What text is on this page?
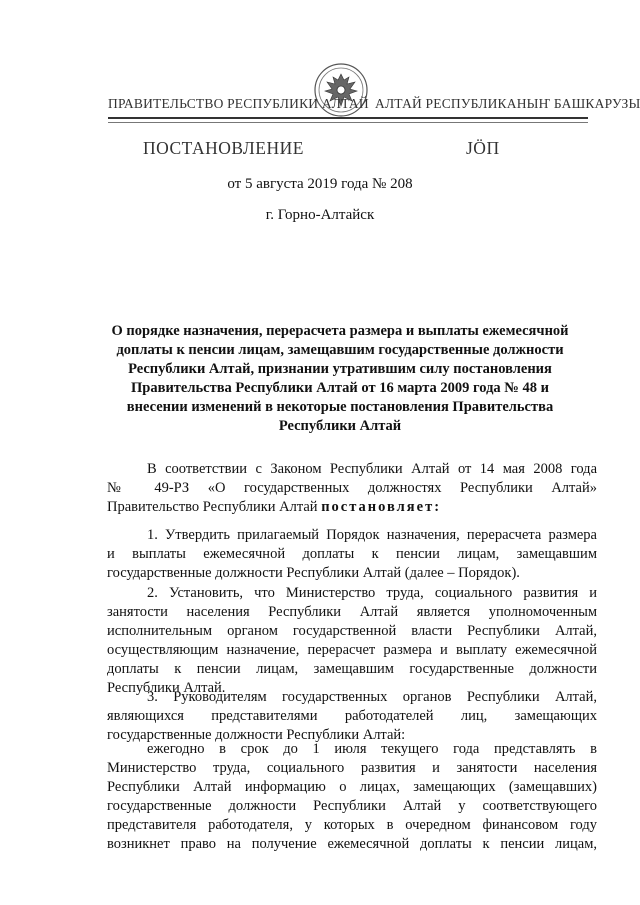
ПРАВИТЕЛЬСТВО РЕСПУБЛИКИ АЛТАЙ АЛТАЙ РЕСПУБЛИКАНЫҤ БАШКАРУЗЫ
ПОСТАНОВЛЕНИЕ	ЈӦП
от 5 августа 2019 года № 208
г. Горно-Алтайск
О порядке назначения, перерасчета размера и выплаты ежемесячной
доплаты к пенсии лицам, замещавшим государственные должности
Республики Алтай, признании утратившим силу постановления
Правительства Республики Алтай от 16 марта 2009 года № 48 и
внесении изменений в некоторые постановления Правительства
Республики Алтай
В соответствии с Законом Республики Алтай от 14 мая 2008 года
№ 49-РЗ «О государственных должностях Республики Алтай»
Правительство Республики Алтай постановляет:
1. Утвердить прилагаемый Порядок назначения, перерасчета размера
и выплаты ежемесячной доплаты к пенсии лицам, замещавшим
государственные должности Республики Алтай (далее – Порядок).
2. Установить, что Министерство труда, социального развития и
занятости населения Республики Алтай является уполномоченным
исполнительным органом государственной власти Республики Алтай,
осуществляющим назначение, перерасчет размера и выплату ежемесячной
доплаты к пенсии лицам, замещавшим государственные должности
Республики Алтай.
3. Руководителям государственных органов Республики Алтай,
являющихся представителями работодателей лиц, замещающих
государственные должности Республики Алтай:
ежегодно в срок до 1 июля текущего года представлять в
Министерство труда, социального развития и занятости населения
Республики Алтай информацию о лицах, замещающих (замещавших)
государственные должности Республики Алтай у соответствующего
представителя работодателя, у которых в очередном финансовом году
возникнет право на получение ежемесячной доплаты к пенсии лицам,
